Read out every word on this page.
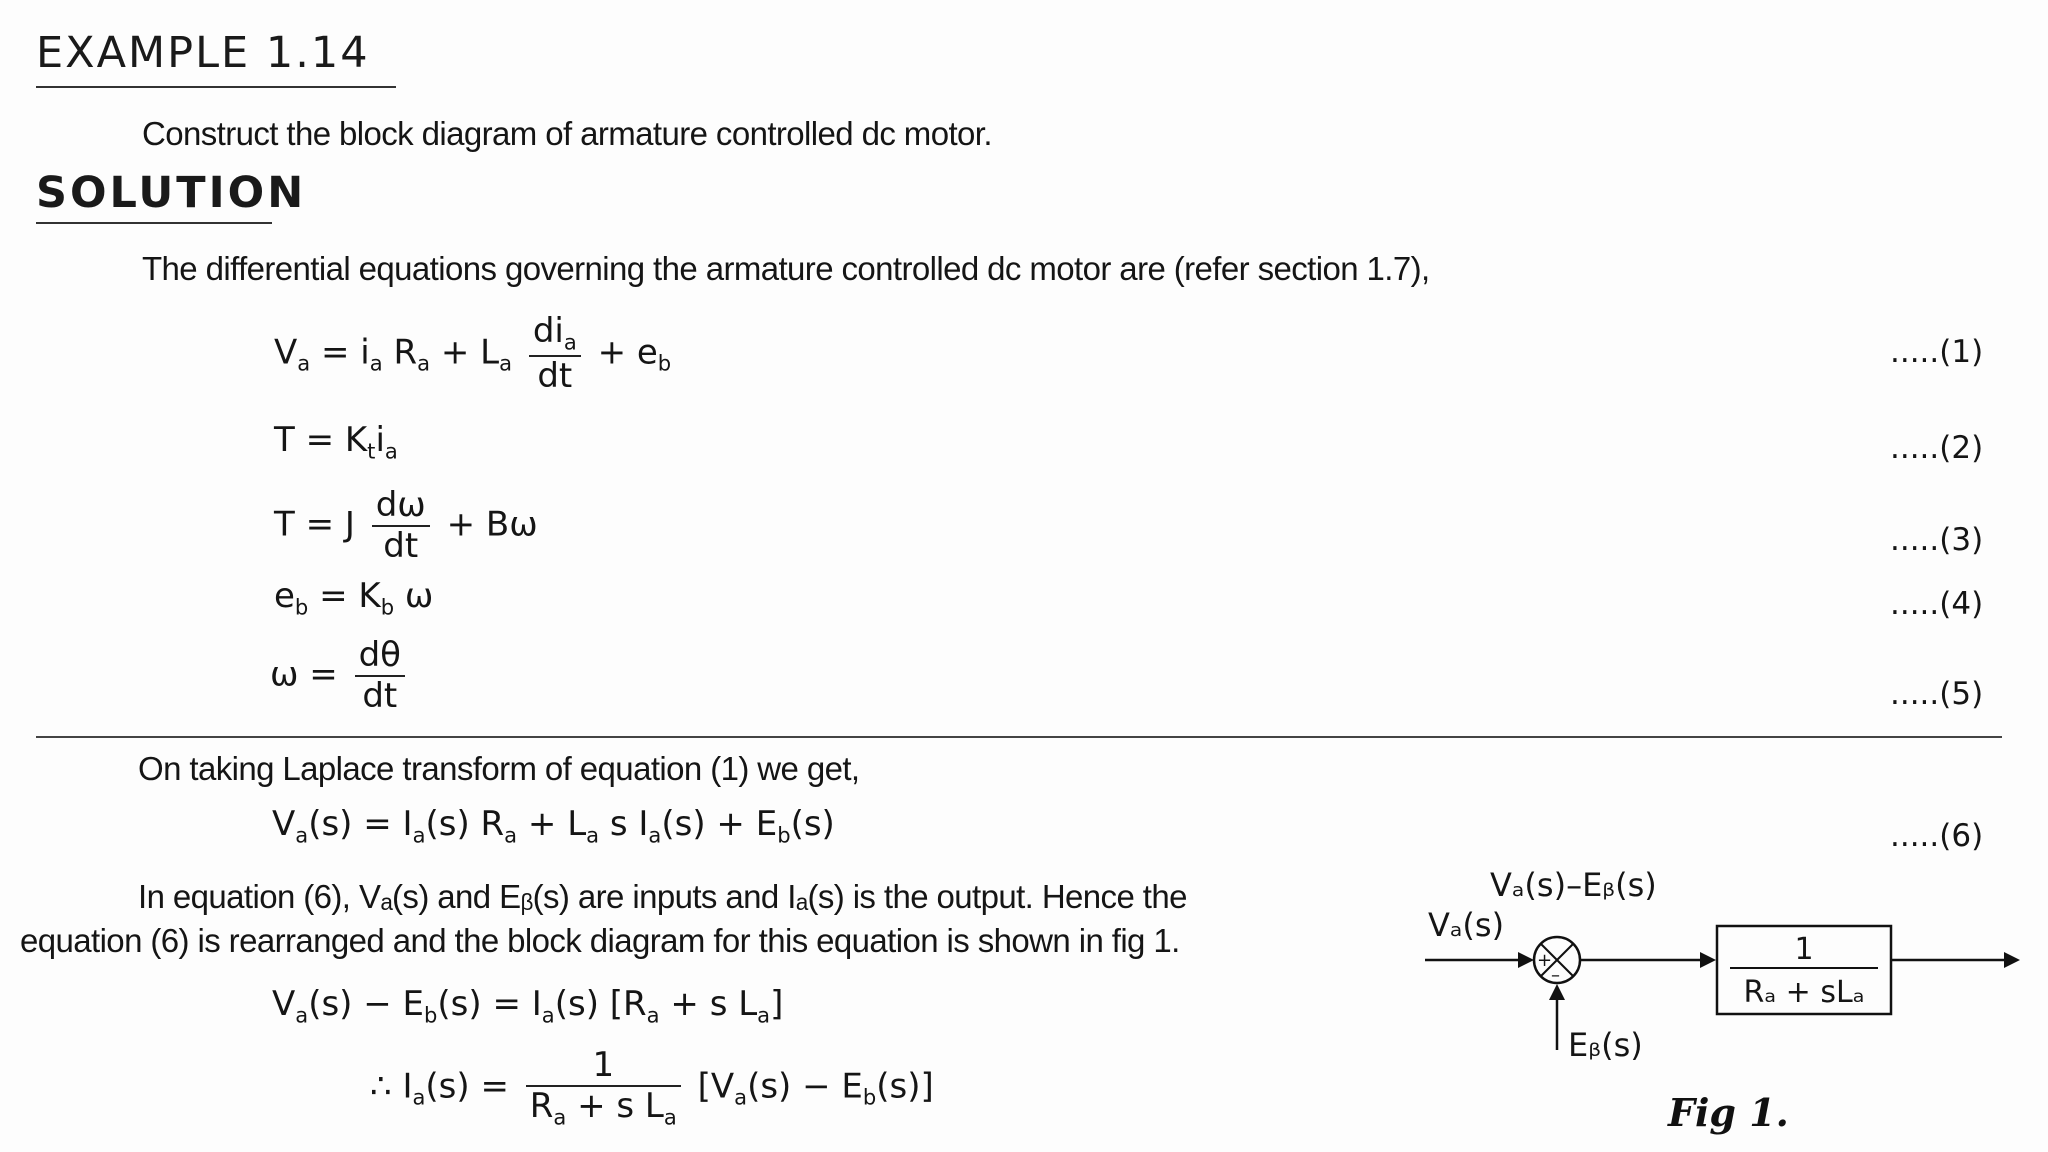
EXAMPLE 1.14
Construct the block diagram of armature controlled dc motor.
SOLUTION
The differential equations governing the armature controlled dc motor are (refer section 1.7),
$V_a = i_a$ $R_a + L_a \frac{di_a}{dt} + e_b$	.....(1)
$T = K_ti_a$	.....(2)
T = J $\frac{d\omega}{dt} + B\omega$	.....(3)
$e_b = K_b$ ω	.....(4)
$\omega = \frac{d\theta}{dt}$	.....(5)
On taking Laplace transform of equation (1) we get,
$V_a(s) = I_a(s) R_a + L_a$ s $I_a(s) + E_b(s)$	.....(6)
In equation (6), Vₐ(s) and Eᵦ(s) are inputs and Iₐ(s) is the output. Hence the
equation (6) is rearranged and the block diagram for this equation is shown in fig 1.
$V_a(s) - E_b(s) = I_a(s) [R_a + s$ $L_a$]
∴ $I_a(s) = \frac{1}{R_a + s L_a} [V_a(s) - E_b(s)]$
Vₐ(s)
+
–
Vₐ(s)–Eᵦ(s)
1
Rₐ + sLₐ
Eᵦ(s)
Fig 1.
